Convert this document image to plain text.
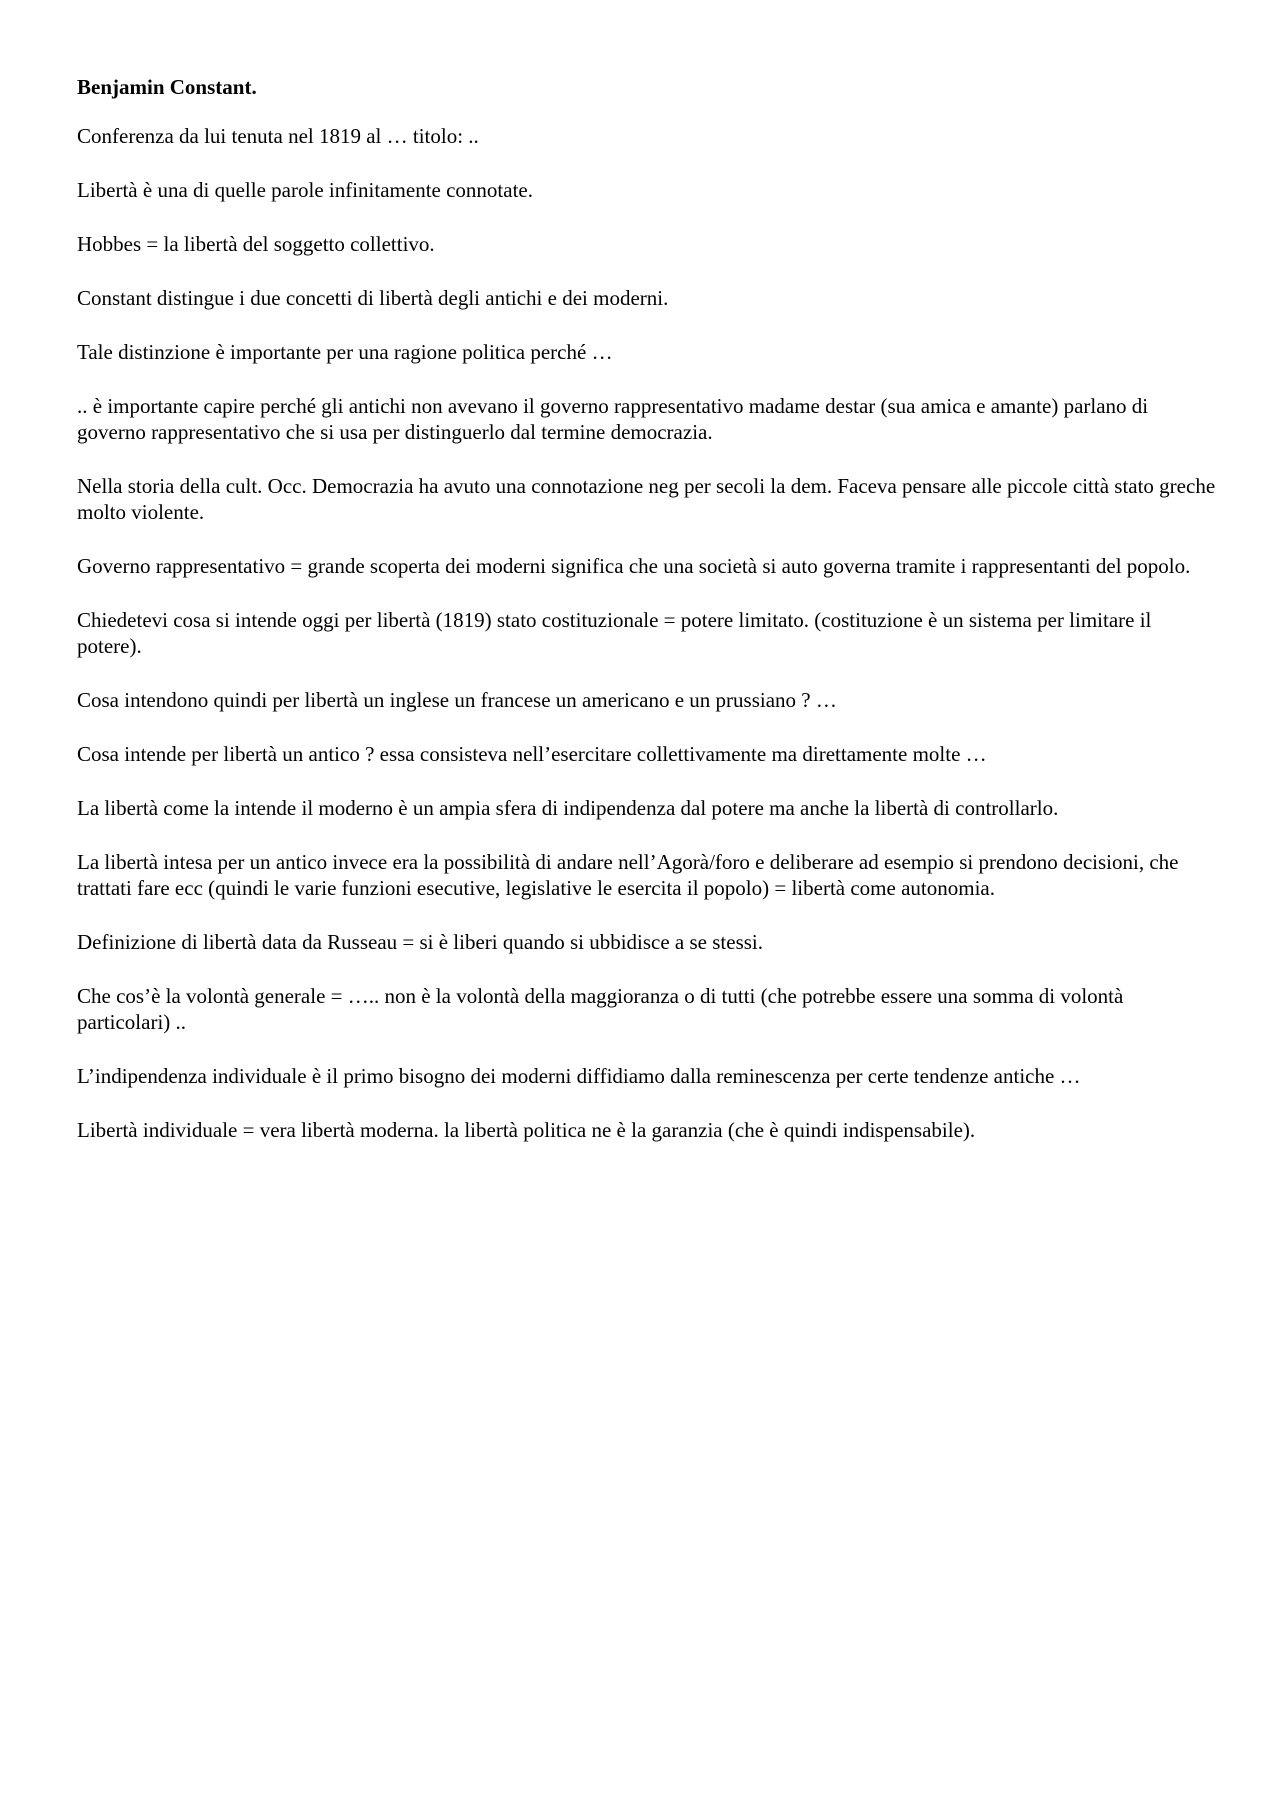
Benjamin Constant.
Conferenza da lui tenuta nel 1819 al … titolo: ..
Libertà è una di quelle parole infinitamente connotate.
Hobbes = la libertà del soggetto collettivo.
Constant distingue i due concetti di libertà degli antichi e dei moderni.
Tale distinzione è importante per una ragione politica perché …
.. è importante capire perché gli antichi non avevano il governo rappresentativo madame destar (sua amica e amante) parlano di governo rappresentativo che si usa per distinguerlo dal termine democrazia.
Nella storia della cult. Occ. Democrazia ha avuto una connotazione neg per secoli la dem. Faceva pensare alle piccole città stato greche molto violente.
Governo rappresentativo = grande scoperta dei moderni significa che una società si auto governa tramite i rappresentanti del popolo.
Chiedetevi cosa si intende oggi per libertà (1819) stato costituzionale = potere limitato. (costituzione è un sistema per limitare il potere).
Cosa intendono quindi per libertà un inglese un francese un americano e un prussiano ? …
Cosa intende per libertà un antico ? essa consisteva nell’esercitare collettivamente ma direttamente molte …
La libertà come la intende il moderno è un ampia sfera di indipendenza dal potere ma anche la libertà di controllarlo.
La libertà intesa per un antico invece era la possibilità di andare nell’Agorà/foro e deliberare ad esempio si prendono decisioni, che trattati fare ecc (quindi le varie funzioni esecutive, legislative le esercita il popolo) = libertà come autonomia.
Definizione di libertà data da Russeau = si è liberi quando si ubbidisce a se stessi.
Che cos’è la volontà generale = ….. non è la volontà della maggioranza o di tutti (che potrebbe essere una somma di volontà particolari) ..
L’indipendenza individuale è il primo bisogno dei moderni diffidiamo dalla reminescenza per certe tendenze antiche …
Libertà individuale = vera libertà moderna. la libertà politica ne è la garanzia (che è quindi indispensabile).
